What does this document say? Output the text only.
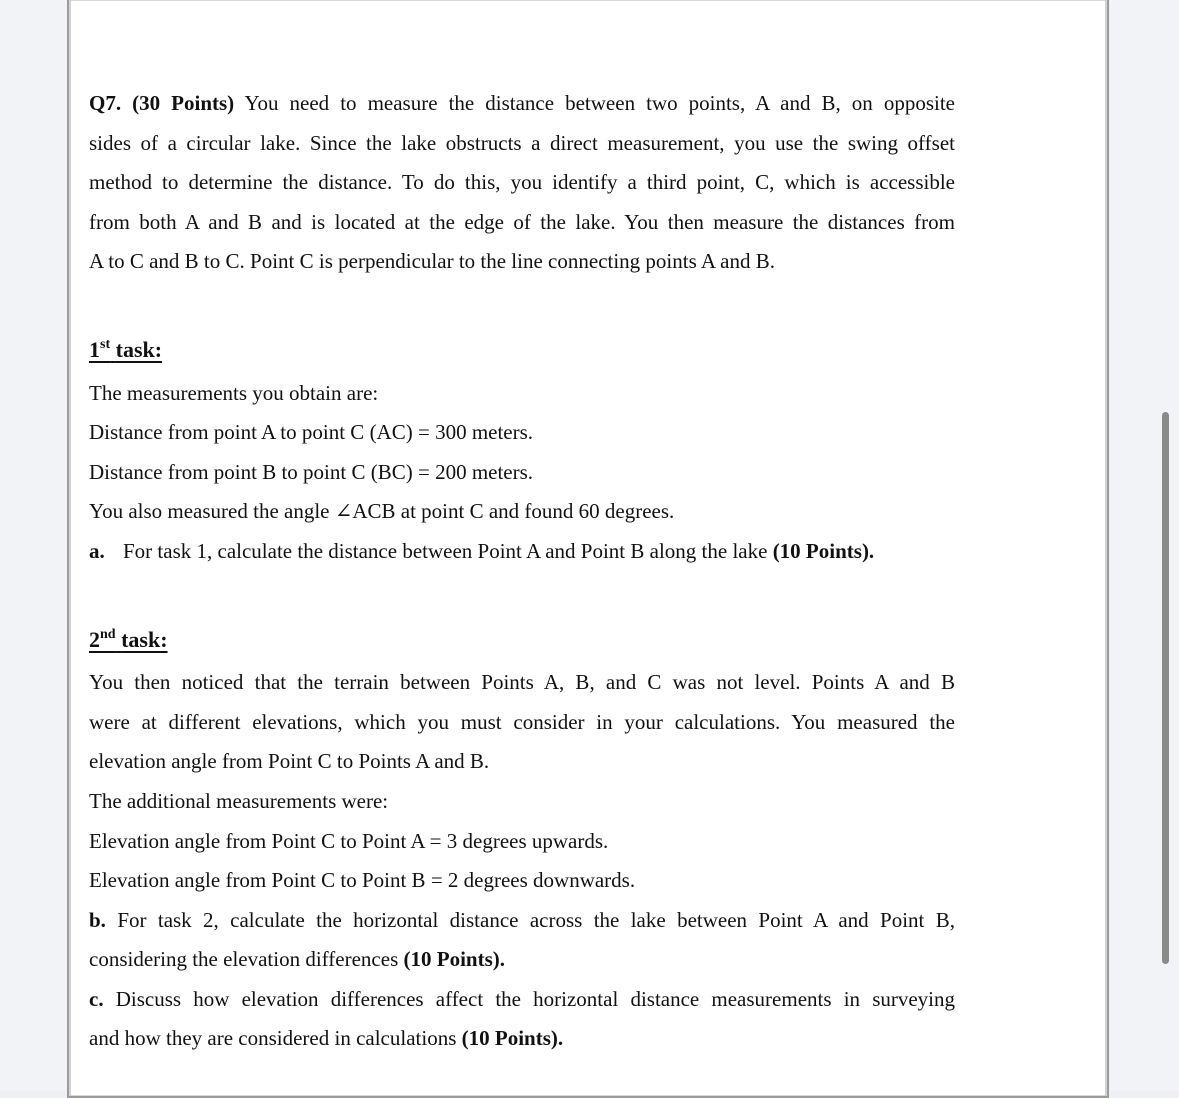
Q7. (30 Points) You need to measure the distance between two points, A and B, on opposite
sides of a circular lake. Since the lake obstructs a direct measurement, you use the swing offset
method to determine the distance. To do this, you identify a third point, C, which is accessible
from both A and B and is located at the edge of the lake. You then measure the distances from
A to C and B to C. Point C is perpendicular to the line connecting points A and B.
1st task:
The measurements you obtain are:
Distance from point A to point C (AC) = 300 meters.
Distance from point B to point C (BC) = 200 meters.
You also measured the angle ∠ACB at point C and found 60 degrees.
a. For task 1, calculate the distance between Point A and Point B along the lake (10 Points).
2nd task:
You then noticed that the terrain between Points A, B, and C was not level. Points A and B
were at different elevations, which you must consider in your calculations. You measured the
elevation angle from Point C to Points A and B.
The additional measurements were:
Elevation angle from Point C to Point A = 3 degrees upwards.
Elevation angle from Point C to Point B = 2 degrees downwards.
b. For task 2, calculate the horizontal distance across the lake between Point A and Point B,
considering the elevation differences (10 Points).
c. Discuss how elevation differences affect the horizontal distance measurements in surveying
and how they are considered in calculations (10 Points).
